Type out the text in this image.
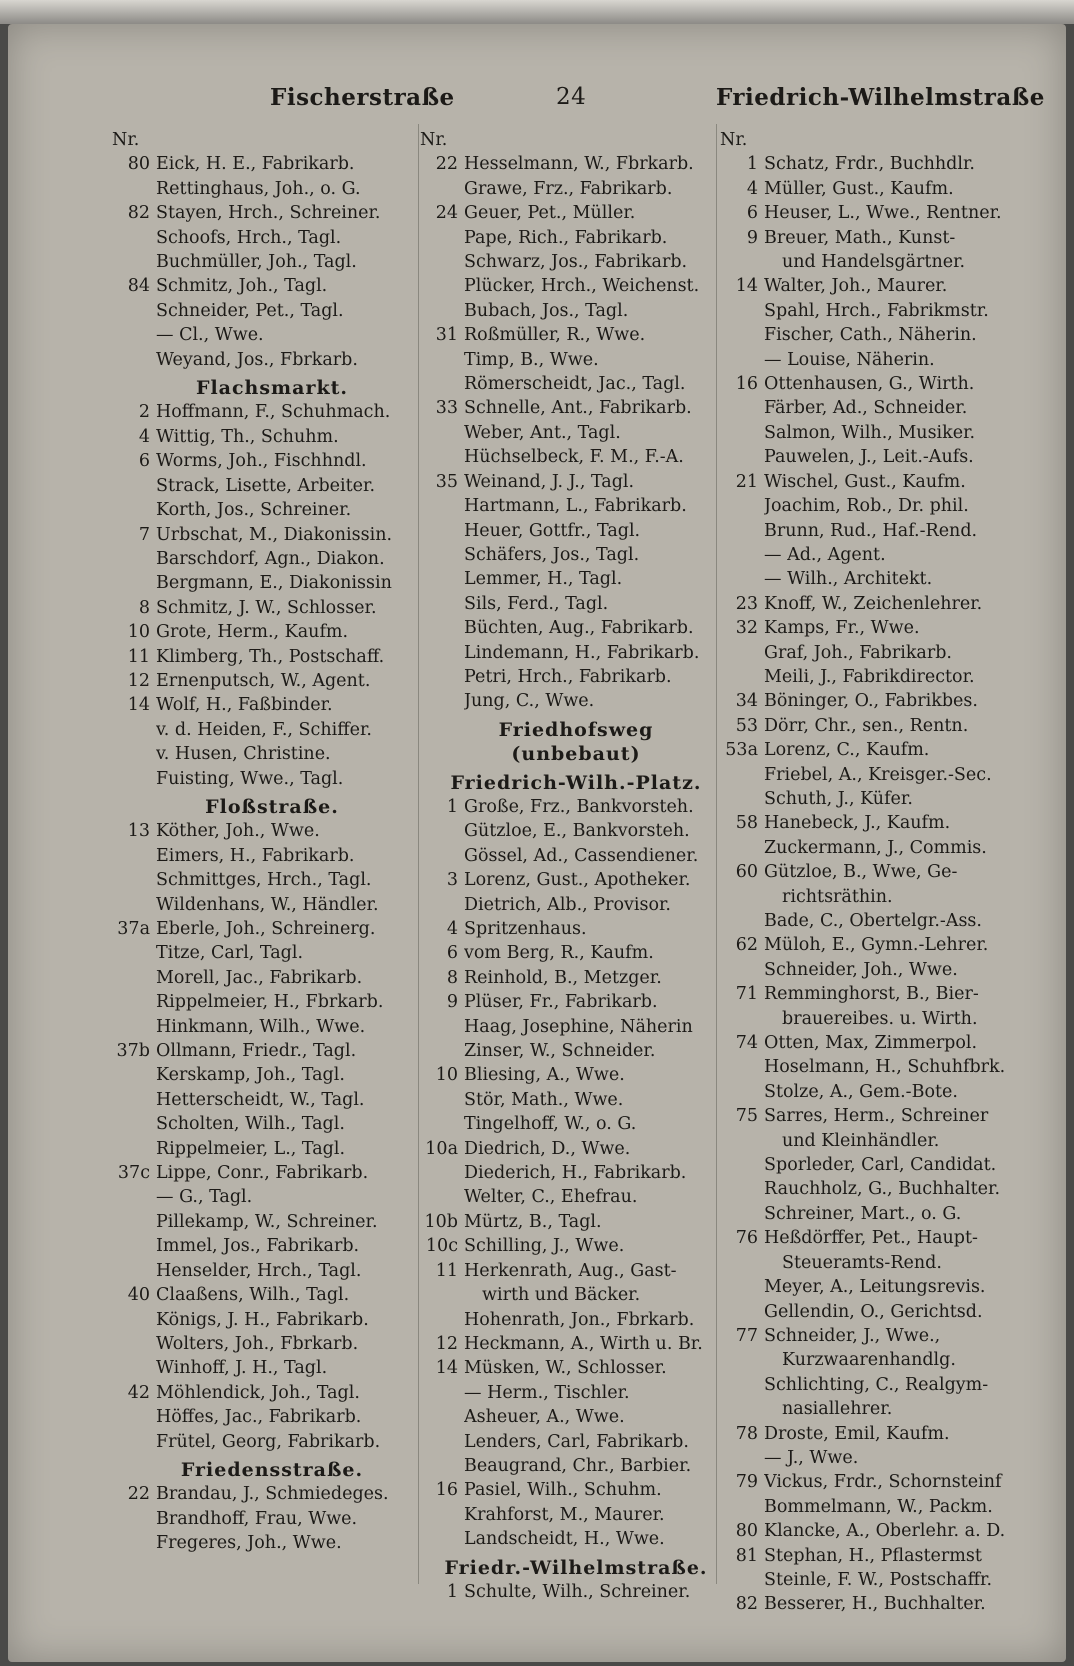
Fischerstraße	24	Friedrich-Wilhelmstraße
Nr.
80 Eick, H. E., Fabrikarb.
Rettinghaus, Joh., o. G.
82 Stayen, Hrch., Schreiner.
Schoofs, Hrch., Tagl.
Buchmüller, Joh., Tagl.
84 Schmitz, Joh., Tagl.
Schneider, Pet., Tagl.
— Cl., Wwe.
Weyand, Jos., Fbrkarb.
Flachsmarkt.
2 Hoffmann, F., Schuhmach.
4 Wittig, Th., Schuhm.
6 Worms, Joh., Fischhndl.
Strack, Lisette, Arbeiter.
Korth, Jos., Schreiner.
7 Urbschat, M., Diakonissin.
Barschdorf, Agn., Diakon.
Bergmann, E., Diakonissin
8 Schmitz, J. W., Schlosser.
10 Grote, Herm., Kaufm.
11 Klimberg, Th., Postschaff.
12 Ernenputsch, W., Agent.
14 Wolf, H., Faßbinder.
v. d. Heiden, F., Schiffer.
v. Husen, Christine.
Fuisting, Wwe., Tagl.
Floßstraße.
13 Köther, Joh., Wwe.
Eimers, H., Fabrikarb.
Schmittges, Hrch., Tagl.
Wildenhans, W., Händler.
37a Eberle, Joh., Schreinerg.
Titze, Carl, Tagl.
Morell, Jac., Fabrikarb.
Rippelmeier, H., Fbrkarb.
Hinkmann, Wilh., Wwe.
37b Ollmann, Friedr., Tagl.
Kerskamp, Joh., Tagl.
Hetterscheidt, W., Tagl.
Scholten, Wilh., Tagl.
Rippelmeier, L., Tagl.
37c Lippe, Conr., Fabrikarb.
— G., Tagl.
Pillekamp, W., Schreiner.
Immel, Jos., Fabrikarb.
Henselder, Hrch., Tagl.
40 Claaßens, Wilh., Tagl.
Königs, J. H., Fabrikarb.
Wolters, Joh., Fbrkarb.
Winhoff, J. H., Tagl.
42 Möhlendick, Joh., Tagl.
Höffes, Jac., Fabrikarb.
Frütel, Georg, Fabrikarb.
Friedensstraße.
22 Brandau, J., Schmiedeges.
Brandhoff, Frau, Wwe.
Fregeres, Joh., Wwe.
Nr.
22 Hesselmann, W., Fbrkarb.
Grawe, Frz., Fabrikarb.
24 Geuer, Pet., Müller.
Pape, Rich., Fabrikarb.
Schwarz, Jos., Fabrikarb.
Plücker, Hrch., Weichenst.
Bubach, Jos., Tagl.
31 Roßmüller, R., Wwe.
Timp, B., Wwe.
Römerscheidt, Jac., Tagl.
33 Schnelle, Ant., Fabrikarb.
Weber, Ant., Tagl.
Hüchselbeck, F. M., F.-A.
35 Weinand, J. J., Tagl.
Hartmann, L., Fabrikarb.
Heuer, Gottfr., Tagl.
Schäfers, Jos., Tagl.
Lemmer, H., Tagl.
Sils, Ferd., Tagl.
Büchten, Aug., Fabrikarb.
Lindemann, H., Fabrikarb.
Petri, Hrch., Fabrikarb.
Jung, C., Wwe.
Friedhofsweg (unbebaut)
Friedrich-Wilh.-Platz.
1 Große, Frz., Bankvorsteh.
Gützloe, E., Bankvorsteh.
Gössel, Ad., Cassendiener.
3 Lorenz, Gust., Apotheker.
Dietrich, Alb., Provisor.
4 Spritzenhaus.
6 vom Berg, R., Kaufm.
8 Reinhold, B., Metzger.
9 Plüser, Fr., Fabrikarb.
Haag, Josephine, Näherin
Zinser, W., Schneider.
10 Bliesing, A., Wwe.
Stör, Math., Wwe.
Tingelhoff, W., o. G.
10a Diedrich, D., Wwe.
Diederich, H., Fabrikarb.
Welter, C., Ehefrau.
10b Mürtz, B., Tagl.
10c Schilling, J., Wwe.
11 Herkenrath, Aug., Gast-
wirth und Bäcker.
Hohenrath, Jon., Fbrkarb.
12 Heckmann, A., Wirth u. Br.
14 Müsken, W., Schlosser.
— Herm., Tischler.
Asheuer, A., Wwe.
Lenders, Carl, Fabrikarb.
Beaugrand, Chr., Barbier.
16 Pasiel, Wilh., Schuhm.
Krahforst, M., Maurer.
Landscheidt, H., Wwe.
Friedr.-Wilhelmstraße.
1 Schulte, Wilh., Schreiner.
Nr.
1 Schatz, Frdr., Buchhdlr.
4 Müller, Gust., Kaufm.
6 Heuser, L., Wwe., Rentner.
9 Breuer, Math., Kunst-
und Handelsgärtner.
14 Walter, Joh., Maurer.
Spahl, Hrch., Fabrikmstr.
Fischer, Cath., Näherin.
— Louise, Näherin.
16 Ottenhausen, G., Wirth.
Färber, Ad., Schneider.
Salmon, Wilh., Musiker.
Pauwelen, J., Leit.-Aufs.
21 Wischel, Gust., Kaufm.
Joachim, Rob., Dr. phil.
Brunn, Rud., Haf.-Rend.
— Ad., Agent.
— Wilh., Architekt.
23 Knoff, W., Zeichenlehrer.
32 Kamps, Fr., Wwe.
Graf, Joh., Fabrikarb.
Meili, J., Fabrikdirector.
34 Böninger, O., Fabrikbes.
53 Dörr, Chr., sen., Rentn.
53a Lorenz, C., Kaufm.
Friebel, A., Kreisger.-Sec.
Schuth, J., Küfer.
58 Hanebeck, J., Kaufm.
Zuckermann, J., Commis.
60 Gützloe, B., Wwe, Ge-
richtsräthin.
Bade, C., Obertelgr.-Ass.
62 Müloh, E., Gymn.-Lehrer.
Schneider, Joh., Wwe.
71 Remminghorst, B., Bier-
brauereibes. u. Wirth.
74 Otten, Max, Zimmerpol.
Hoselmann, H., Schuhfbrk.
Stolze, A., Gem.-Bote.
75 Sarres, Herm., Schreiner
und Kleinhändler.
Sporleder, Carl, Candidat.
Rauchholz, G., Buchhalter.
Schreiner, Mart., o. G.
76 Heßdörffer, Pet., Haupt-
Steueramts-Rend.
Meyer, A., Leitungsrevis.
Gellendin, O., Gerichtsd.
77 Schneider, J., Wwe.,
Kurzwaarenhandlg.
Schlichting, C., Realgym-
nasiallehrer.
78 Droste, Emil, Kaufm.
— J., Wwe.
79 Vickus, Frdr., Schornsteinf
Bommelmann, W., Packm.
80 Klancke, A., Oberlehr. a. D.
81 Stephan, H., Pflastermst
Steinle, F. W., Postschaffr.
82 Besserer, H., Buchhalter.
